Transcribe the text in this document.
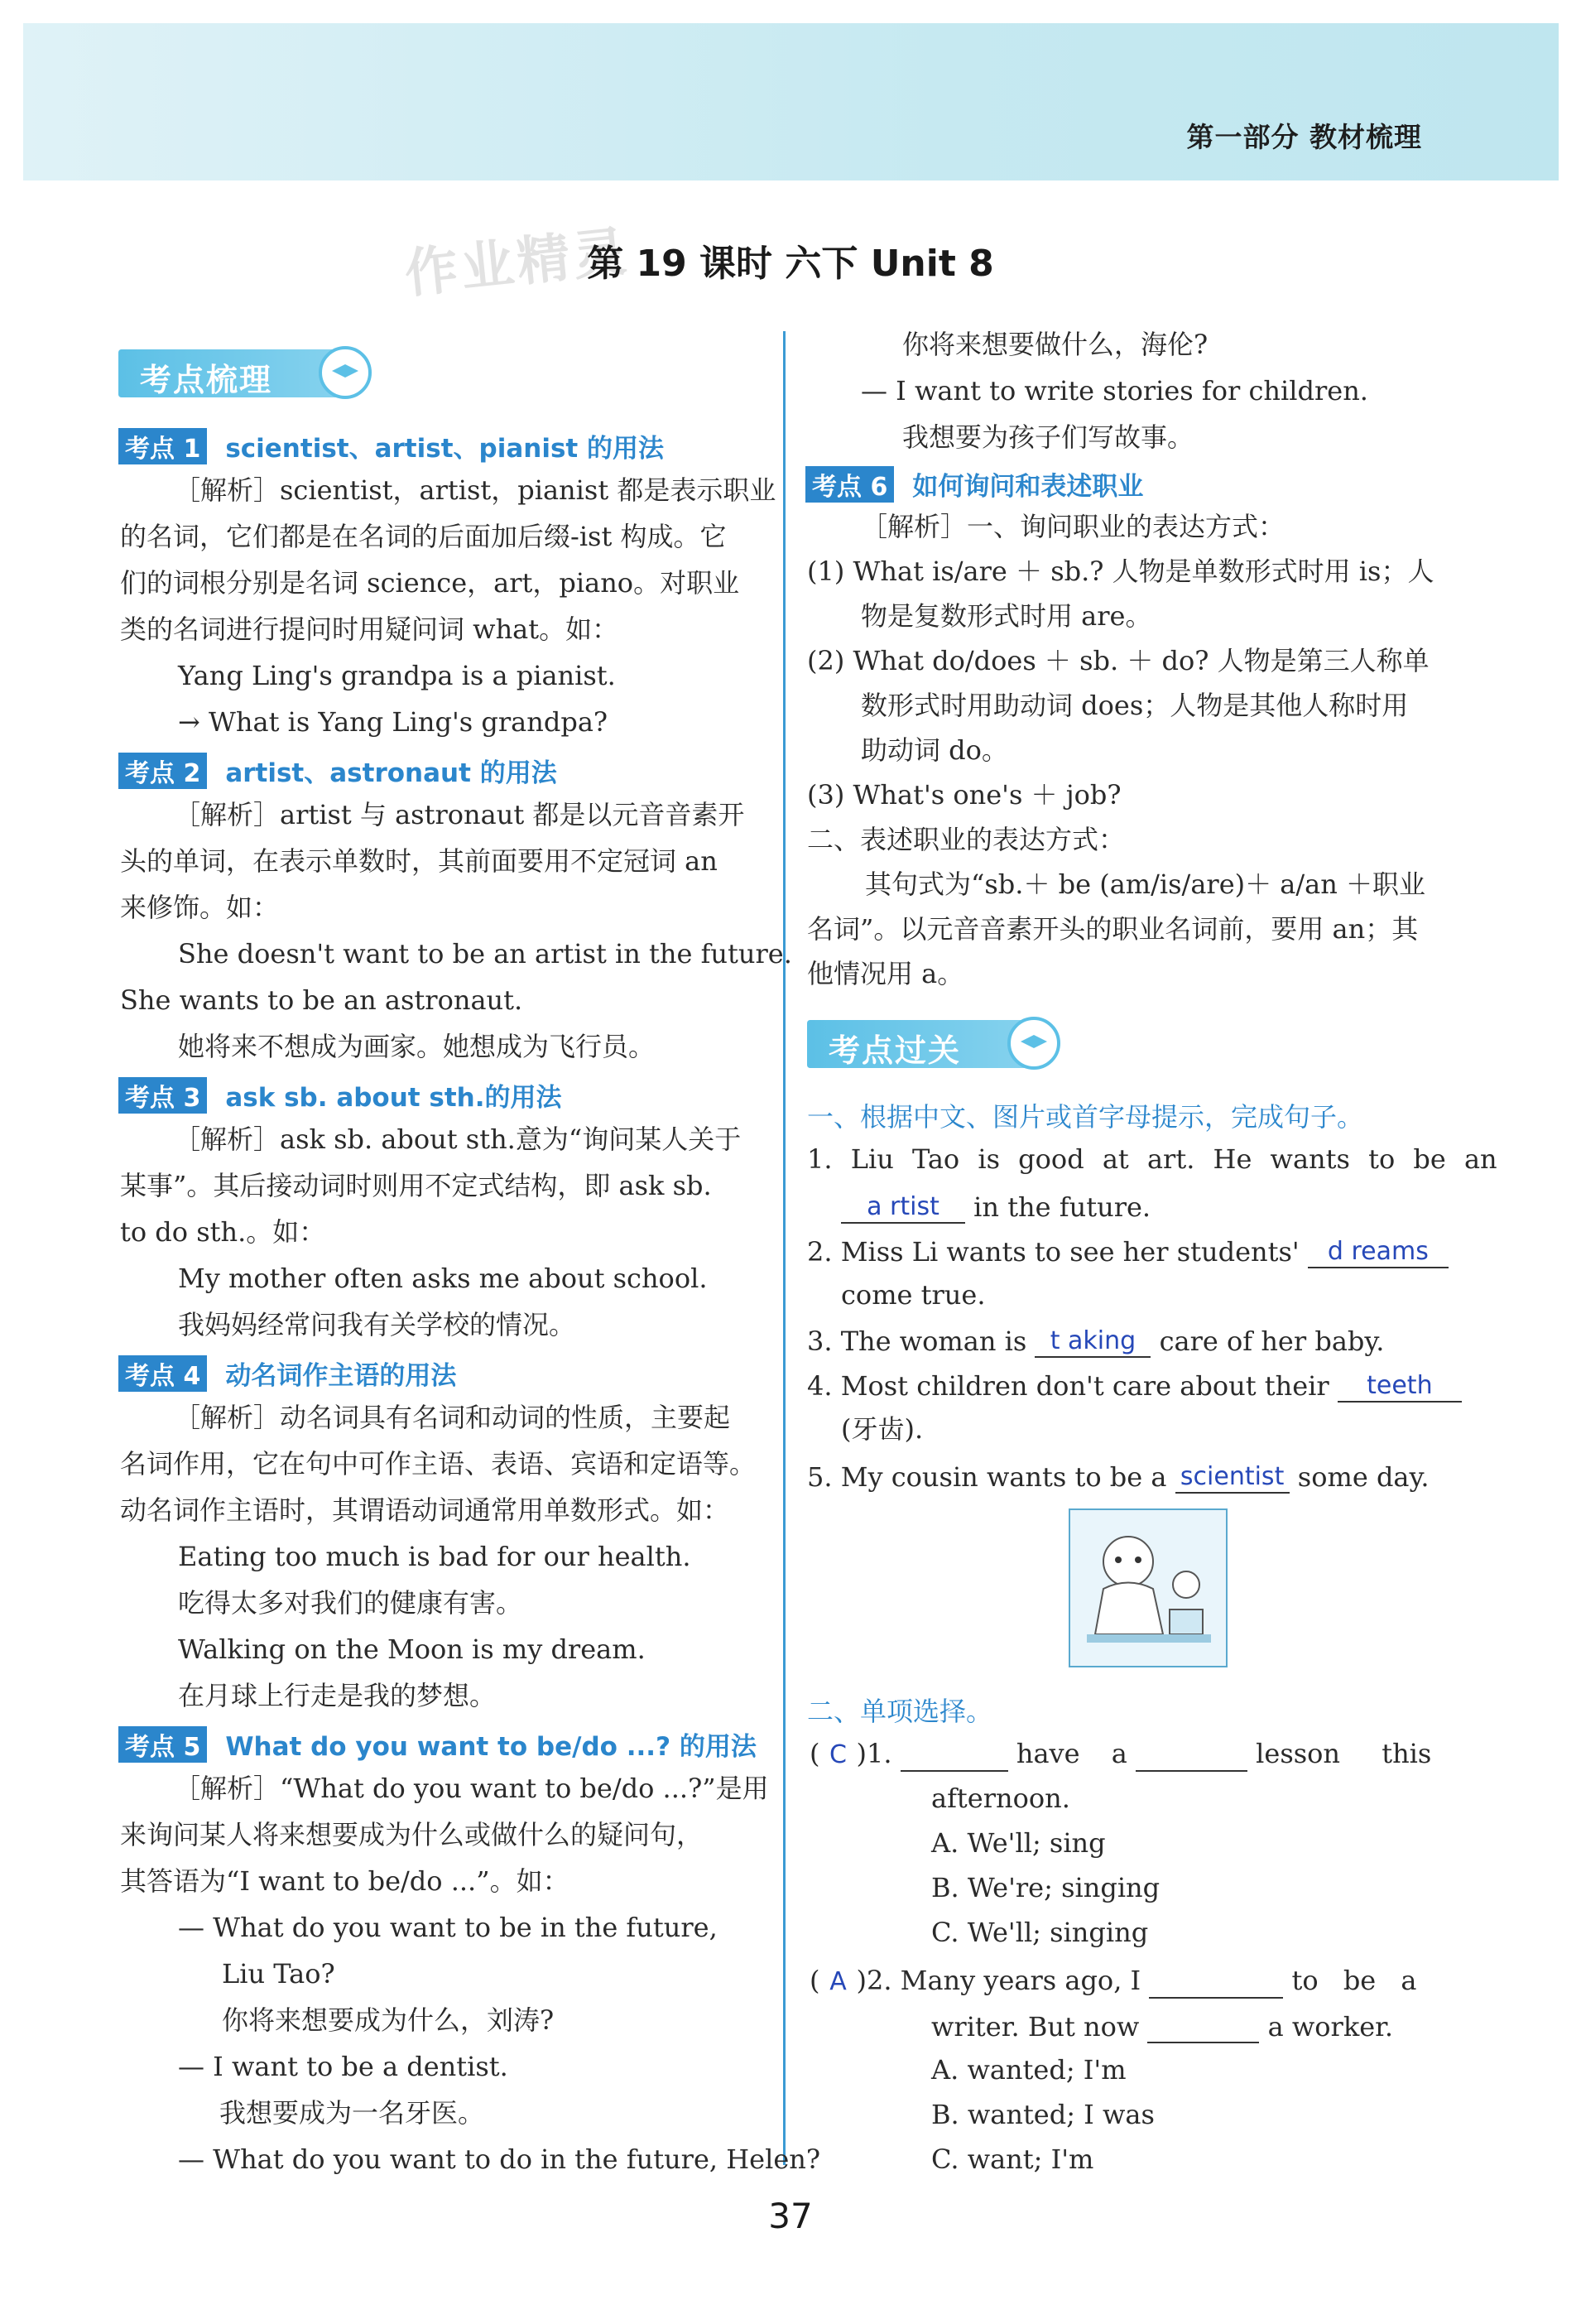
第一部分 教材梳理
作业精灵
第 19 课时 六下 Unit 8
考点梳理
考点 1 scientist、artist、pianist 的用法
［解析］scientist，artist，pianist 都是表示职业
的名词，它们都是在名词的后面加后缀-ist 构成。它
们的词根分别是名词 science，art，piano。对职业
类的名词进行提问时用疑问词 what。如：
Yang Ling's grandpa is a pianist.
→ What is Yang Ling's grandpa?
考点 2 artist、astronaut 的用法
［解析］artist 与 astronaut 都是以元音音素开
头的单词，在表示单数时，其前面要用不定冠词 an
来修饰。如：
She doesn't want to be an artist in the future.
She wants to be an astronaut.
她将来不想成为画家。她想成为飞行员。
考点 3 ask sb. about sth.的用法
［解析］ask sb. about sth.意为“询问某人关于
某事”。其后接动词时则用不定式结构，即 ask sb.
to do sth.。如：
My mother often asks me about school.
我妈妈经常问我有关学校的情况。
考点 4 动名词作主语的用法
［解析］动名词具有名词和动词的性质，主要起
名词作用，它在句中可作主语、表语、宾语和定语等。
动名词作主语时，其谓语动词通常用单数形式。如：
Eating too much is bad for our health.
吃得太多对我们的健康有害。
Walking on the Moon is my dream.
在月球上行走是我的梦想。
考点 5 What do you want to be/do ...? 的用法
［解析］“What do you want to be/do ...?”是用
来询问某人将来想要成为什么或做什么的疑问句，
其答语为“I want to be/do ...”。如：
— What do you want to be in the future,
Liu Tao?
你将来想要成为什么，刘涛?
— I want to be a dentist.
我想要成为一名牙医。
— What do you want to do in the future, Helen?
你将来想要做什么，海伦?
— I want to write stories for children.
我想要为孩子们写故事。
考点 6 如何询问和表述职业
［解析］一、询问职业的表达方式：
(1) What is/are ＋ sb.? 人物是单数形式时用 is；人
物是复数形式时用 are。
(2) What do/does ＋ sb. ＋ do? 人物是第三人称单
数形式时用助动词 does；人物是其他人称时用
助动词 do。
(3) What's one's ＋ job?
二、表述职业的表达方式：
其句式为“sb.＋ be (am/is/are)＋ a/an ＋职业
名词”。以元音音素开头的职业名词前，要用 an；其
他情况用 a。
考点过关
一、根据中文、图片或首字母提示，完成句子。
1. Liu Tao is good at art. He wants to be an
a rtist in the future.
2. Miss Li wants to see her students' d reams
come true.
3. The woman is t aking care of her baby.
4. Most children don't care about their teeth
(牙齿).
5. My cousin wants to be a scientist some day.
二、单项选择。
( C )1.	have a	lesson this
afternoon.
A. We'll; sing
B. We're; singing
C. We'll; singing
( A )2. Many years ago, I	to be a
writer. But now	a worker.
A. wanted; I'm
B. wanted; I was
C. want; I'm
37
